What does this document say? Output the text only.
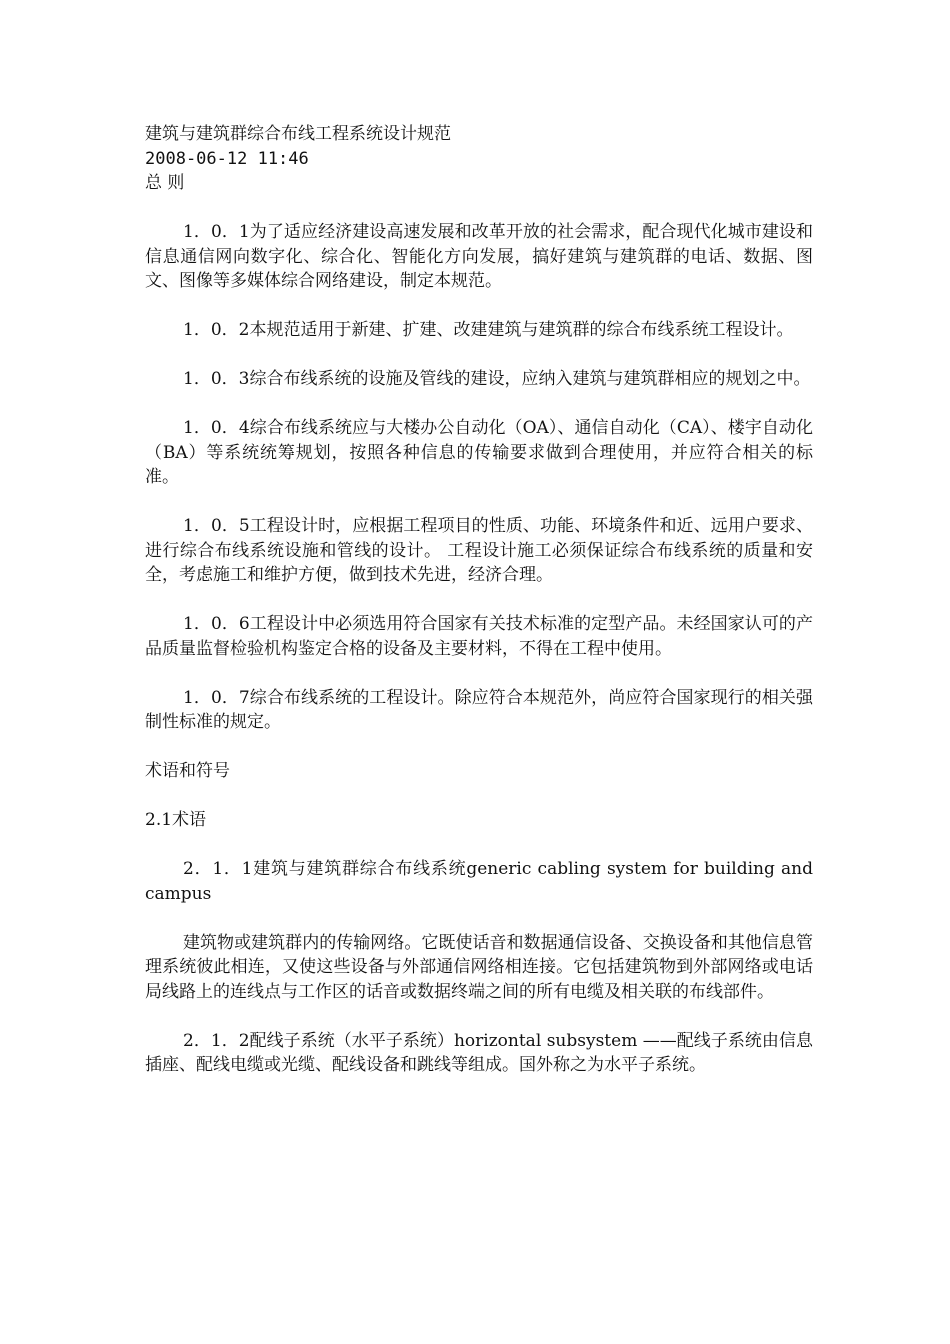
建筑与建筑群综合布线工程系统设计规范
2008-06-12 11:46
总 则

1．0．1为了适应经济建设高速发展和改革开放的社会需求，配合现代化城市建设和信息通信网向数字化、综合化、智能化方向发展，搞好建筑与建筑群的电话、数据、图文、图像等多媒体综合网络建设，制定本规范。

1．0．2本规范适用于新建、扩建、改建建筑与建筑群的综合布线系统工程设计。

1．0．3综合布线系统的设施及管线的建设，应纳入建筑与建筑群相应的规划之中。

1．0．4综合布线系统应与大楼办公自动化（OA）、通信自动化（CA）、楼宇自动化（BA）等系统统筹规划，按照各种信息的传输要求做到合理使用，并应符合相关的标准。

1．0．5工程设计时，应根据工程项目的性质、功能、环境条件和近、远用户要求、进行综合布线系统设施和管线的设计。 工程设计施工必须保证综合布线系统的质量和安全，考虑施工和维护方便，做到技术先进，经济合理。

1．0．6工程设计中必须选用符合国家有关技术标准的定型产品。未经国家认可的产品质量监督检验机构鉴定合格的设备及主要材料，不得在工程中使用。

1．0．7综合布线系统的工程设计。除应符合本规范外，尚应符合国家现行的相关强制性标准的规定。

术语和符号

2.1术语

2．1．1建筑与建筑群综合布线系统generic cabling system for building and campus

建筑物或建筑群内的传输网络。它既使话音和数据通信设备、交换设备和其他信息管理系统彼此相连，又使这些设备与外部通信网络相连接。它包括建筑物到外部网络或电话局线路上的连线点与工作区的话音或数据终端之间的所有电缆及相关联的布线部件。

2．1．2配线子系统（水平子系统）horizontal subsystem ——配线子系统由信息插座、配线电缆或光缆、配线设备和跳线等组成。国外称之为水平子系统。
